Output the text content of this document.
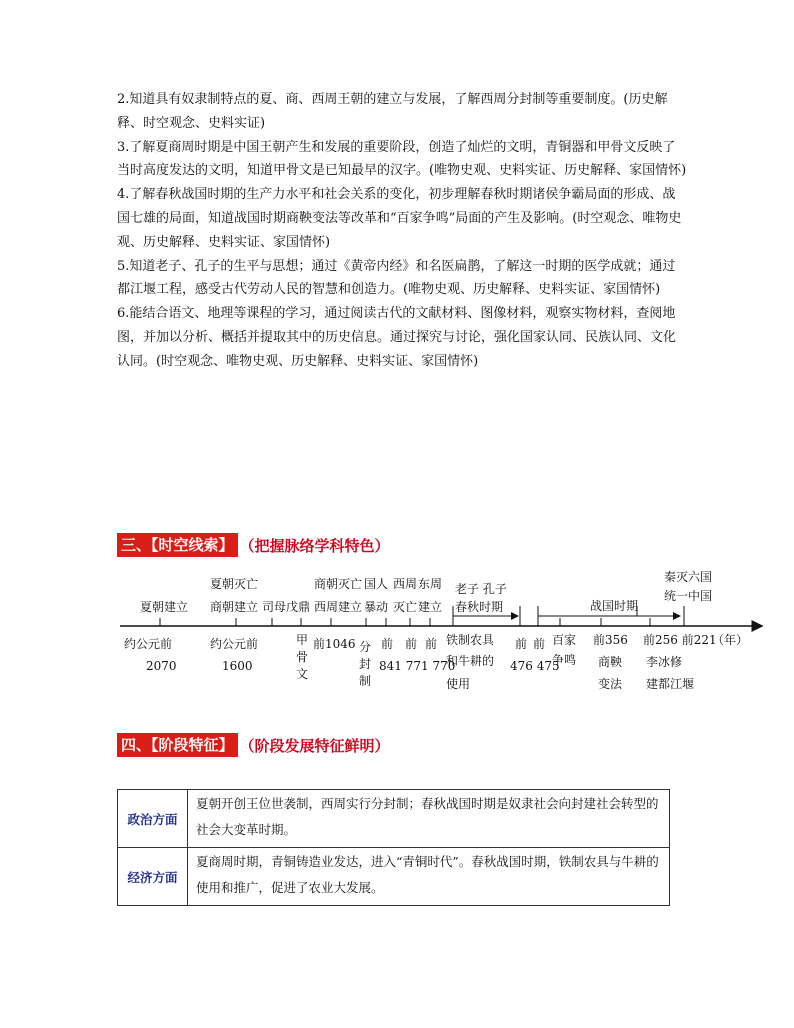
2.知道具有奴隶制特点的夏、商、西周王朝的建立与发展，了解西周分封制等重要制度。(历史解释、时空观念、史料实证)

3.了解夏商周时期是中国王朝产生和发展的重要阶段，创造了灿烂的文明，青铜器和甲骨文反映了当时高度发达的文明，知道甲骨文是已知最早的汉字。(唯物史观、史料实证、历史解释、家国情怀)

4.了解春秋战国时期的生产力水平和社会关系的变化，初步理解春秋时期诸侯争霸局面的形成、战国七雄的局面，知道战国时期商鞅变法等改革和“百家争鸣”局面的产生及影响。(时空观念、唯物史观、历史解释、史料实证、家国情怀)

5.知道老子、孔子的生平与思想；通过《黄帝内经》和名医扁鹊，了解这一时期的医学成就；通过都江堰工程，感受古代劳动人民的智慧和创造力。(唯物史观、历史解释、史料实证、家国情怀)

6.能结合语文、地理等课程的学习，通过阅读古代的文献材料、图像材料，观察实物材料，查阅地图，并加以分析、概括并提取其中的历史信息。通过探究与讨论，强化国家认同、民族认同、文化认同。(时空观念、唯物史观、历史解释、史料实证、家国情怀)

三、【时空线索】 （把握脉络学科特色）
夏朝建立
夏朝灭亡
商朝建立 司母戊鼎
商朝灭亡
西周建立
国人
暴动
西周
灭亡
东周
建立
老子 孔子
春秋时期	战国时期
秦灭六国
统一中国
约公元前
2070
约公元前
1600
甲
骨
文
前1046 分
封
制
前 前 前
841 771 770
铁制农具
和牛耕的
使用
前 前
476 475
百家
争鸣
前356
商鞅
变法
前256 前221
（年）
李冰修
建都江堰
四、【阶段特征】 （阶段发展特征鲜明）
政治方面	夏朝开创王位世袭制，西周实行分封制；春秋战国时期是奴隶社会向封建社会转型的社会大变革时期。
经济方面	夏商周时期，青铜铸造业发达，进入“青铜时代”。春秋战国时期，铁制农具与牛耕的使用和推广，促进了农业大发展。
